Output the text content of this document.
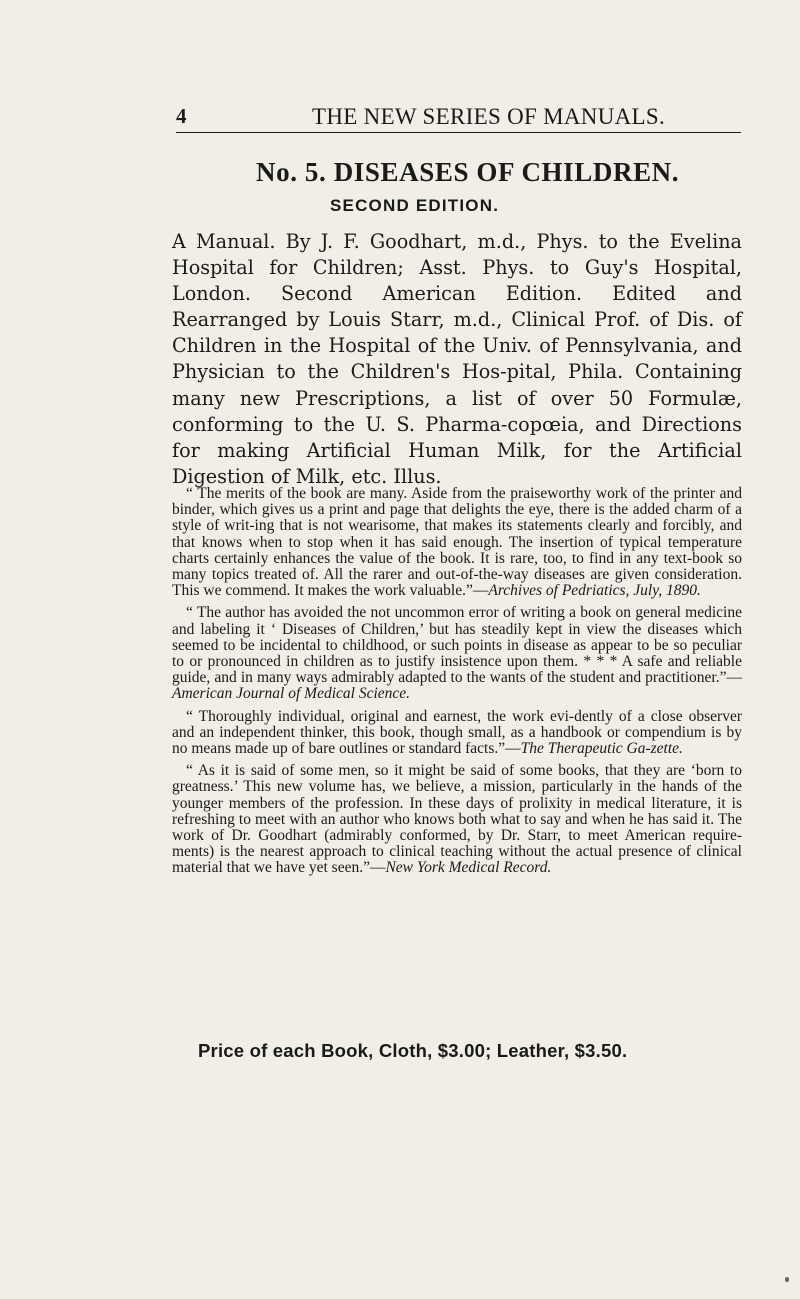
4	THE NEW SERIES OF MANUALS.
No. 5. DISEASES OF CHILDREN.
SECOND EDITION.
A Manual. By J. F. Goodhart, m.d., Phys. to the Evelina Hospital for Children; Asst. Phys. to Guy's Hospital, London. Second American Edition. Edited and Rearranged by Louis Starr, m.d., Clinical Prof. of Dis. of Children in the Hospital of the Univ. of Pennsylvania, and Physician to the Children's Hos-pital, Phila. Containing many new Prescriptions, a list of over 50 Formulæ, conforming to the U. S. Pharma-copœia, and Directions for making Artificial Human Milk, for the Artificial Digestion of Milk, etc. Illus.

“ The merits of the book are many. Aside from the praiseworthy work of the printer and binder, which gives us a print and page that delights the eye, there is the added charm of a style of writ-ing that is not wearisome, that makes its statements clearly and forcibly, and that knows when to stop when it has said enough. The insertion of typical temperature charts certainly enhances the value of the book. It is rare, too, to find in any text-book so many topics treated of. All the rarer and out-of-the-way diseases are given consideration. This we commend. It makes the work valuable.”—Archives of Pedriatics, July, 1890.

“ The author has avoided the not uncommon error of writing a book on general medicine and labeling it ‘ Diseases of Children,’ but has steadily kept in view the diseases which seemed to be incidental to childhood, or such points in disease as appear to be so peculiar to or pronounced in children as to justify insistence upon them. * * * A safe and reliable guide, and in many ways admirably adapted to the wants of the student and practitioner.”—American Journal of Medical Science.

“ Thoroughly individual, original and earnest, the work evi-dently of a close observer and an independent thinker, this book, though small, as a handbook or compendium is by no means made up of bare outlines or standard facts.”—The Therapeutic Ga-zette.

“ As it is said of some men, so it might be said of some books, that they are ‘born to greatness.’ This new volume has, we believe, a mission, particularly in the hands of the younger members of the profession. In these days of prolixity in medical literature, it is refreshing to meet with an author who knows both what to say and when he has said it. The work of Dr. Goodhart (admirably conformed, by Dr. Starr, to meet American require-ments) is the nearest approach to clinical teaching without the actual presence of clinical material that we have yet seen.”—New York Medical Record.

Price of each Book, Cloth, $3.00; Leather, $3.50.
